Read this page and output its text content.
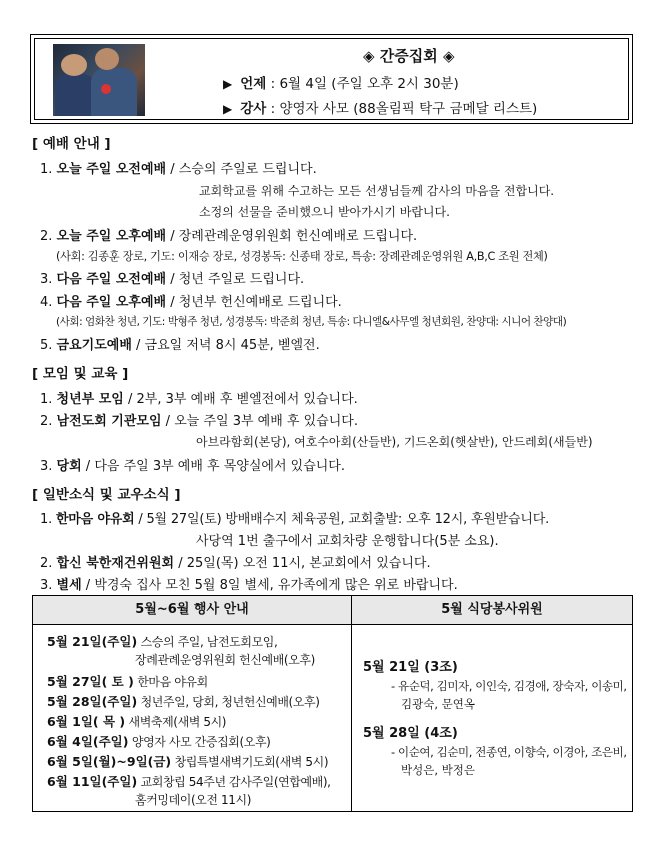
◈ 간증집회 ◈
▶ 언제 : 6월 4일 (주일 오후 2시 30분)
▶ 강사 : 양영자 사모 (88올림픽 탁구 금메달 리스트)
[ 예배 안내 ]
1. 오늘 주일 오전예배 / 스승의 주일로 드립니다.
교회학교를 위해 수고하는 모든 선생님들께 감사의 마음을 전합니다.
소정의 선물을 준비했으니 받아가시기 바랍니다.
2. 오늘 주일 오후예배 / 장례관례운영위원회 헌신예배로 드립니다.
(사회: 김종훈 장로, 기도: 이재승 장로, 성경봉독: 신종태 장로, 특송: 장례관례운영위원 A,B,C 조원 전체)
3. 다음 주일 오전예배 / 청년 주일로 드립니다.
4. 다음 주일 오후예배 / 청년부 헌신예배로 드립니다.
(사회: 엄화찬 청년, 기도: 박형주 청년, 성경봉독: 박준희 청년, 특송: 다니엘&사무엘 청년회원, 찬양대: 시니어 찬양대)
5. 금요기도예배 / 금요일 저녁 8시 45분, 벧엘전.
[ 모임 및 교육 ]
1. 청년부 모임 / 2부, 3부 예배 후 벧엘전에서 있습니다.
2. 남전도회 기관모임 / 오늘 주일 3부 예배 후 있습니다.
아브라함회(본당), 여호수아회(산들반), 기드온회(햇살반), 안드레회(새들반)
3. 당회 / 다음 주일 3부 예배 후 목양실에서 있습니다.
[ 일반소식 및 교우소식 ]
1. 한마음 야유회 / 5월 27일(토) 방배배수지 체육공원, 교회출발: 오후 12시, 후원받습니다.
사당역 1번 출구에서 교회차량 운행합니다(5분 소요).
2. 합신 북한재건위원회 / 25일(목) 오전 11시, 본교회에서 있습니다.
3. 별세 / 박경숙 집사 모친 5월 8일 별세, 유가족에게 많은 위로 바랍니다.
5월~6월 행사 안내	5월 식당봉사위원
5월 21일(주일) 스승의 주일, 남전도회모임,
장례관례운영위원회 헌신예배(오후)
5월 27일( 토 ) 한마음 야유회
5월 28일(주일) 청년주일, 당회, 청년헌신예배(오후)
6월 1일( 목 ) 새벽축제(새벽 5시)
6월 4일(주일) 양영자 사모 간증집회(오후)
6월 5일(월)~9일(금) 창립특별새벽기도회(새벽 5시)
6월 11일(주일) 교회창립 54주년 감사주일(연합예배),
홈커밍데이(오전 11시)
5월 21일 (3조)
- 유순덕, 김미자, 이인숙, 김경애, 장숙자, 이송미,
김광숙, 문연옥
5월 28일 (4조)
- 이순여, 김순미, 전종연, 이향숙, 이경아, 조은비,
박성은, 박정은
